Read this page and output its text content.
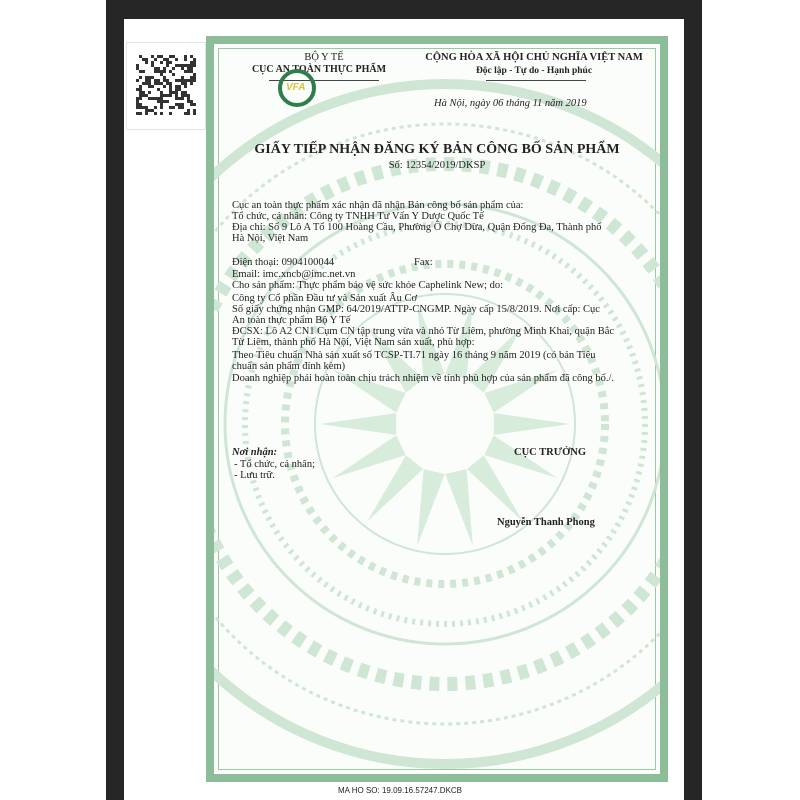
BỘ Y TẾ
CỤC AN TOÀN THỰC PHẨM
VFA
CỘNG HÒA XÃ HỘI CHỦ NGHĨA VIỆT NAM
Độc lập - Tự do - Hạnh phúc
Hà Nội, ngày 06 tháng 11 năm 2019
GIẤY TIẾP NHẬN ĐĂNG KÝ BẢN CÔNG BỐ SẢN PHẨM
Số: 12354/2019/DKSP
Cục an toàn thực phẩm xác nhận đã nhận Bản công bố sản phẩm của:
Tổ chức, cá nhân: Công ty TNHH Tư Vấn Y Dược Quốc Tế
Địa chỉ: Số 9 Lô A Tổ 100 Hoàng Cầu, Phường Ô Chợ Dừa, Quận Đống Đa, Thành phố
Hà Nội, Việt Nam
Điện thoại: 0904100044
Email: imc.xncb@imc.net.vn
Cho sản phẩm: Thực phẩm bảo vệ sức khỏe Caphelink New; do:
Công ty Cổ phần Đầu tư và Sản xuất Âu Cơ
Số giấy chứng nhận GMP: 64/2019/ATTP-CNGMP. Ngày cấp 15/8/2019. Nơi cấp: Cục
An toàn thực phẩm Bộ Y Tế
ĐCSX: Lô A2 CN1 Cụm CN tập trung vừa và nhỏ Từ Liêm, phường Minh Khai, quận Bắc
Từ Liêm, thành phố Hà Nội, Việt Nam sản xuất, phù hợp:
Theo Tiêu chuẩn Nhà sản xuất số TCSP-TI.71 ngày 16 tháng 9 năm 2019 (có bản Tiêu
chuẩn sản phẩm đính kèm)
Doanh nghiệp phải hoàn toàn chịu trách nhiệm về tính phù hợp của sản phẩm đã công bố./.
Fax:
Nơi nhận:
- Tổ chức, cá nhân;
- Lưu trữ.
CỤC TRƯỞNG
Nguyễn Thanh Phong
MA HO SO: 19.09.16.57247.DKCB
